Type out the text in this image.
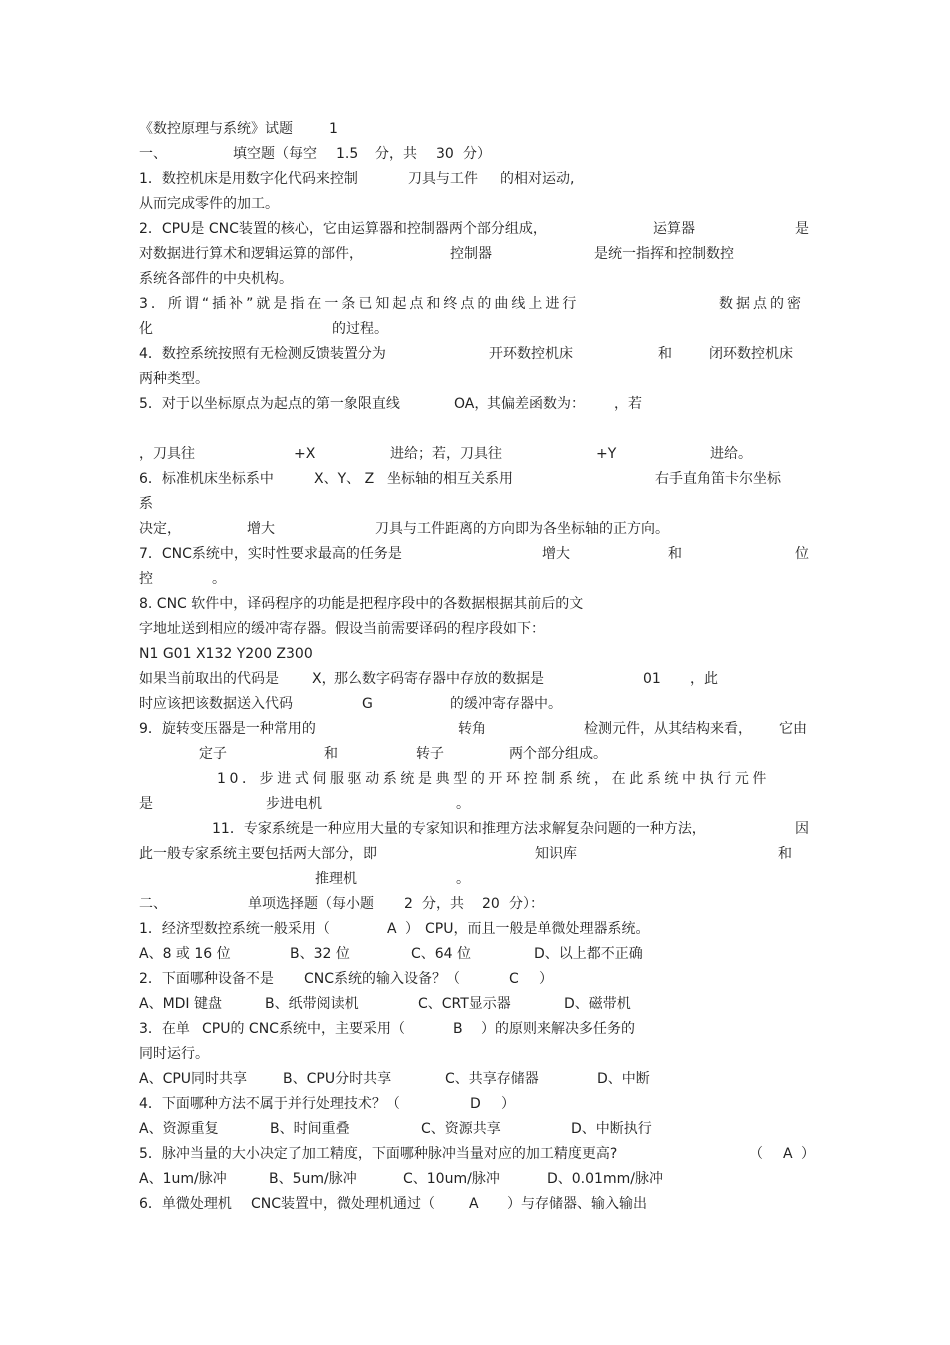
《数控原理与系统》试题	1
一、	填空题（每空 1.5 分，共 30 分）
1．数控机床是用数字化代码来控制	刀具与工件 的相对运动,
从而完成零件的加工。
2．CPU是 CNC装置的核心，它由运算器和控制器两个部分组成，	运算器	是
对数据进行算术和逻辑运算的部件，	控制器	是统一指挥和控制数控
系统各部件的中央机构。
3．所谓“插补”就是指在一条已知起点和终点的曲线上进行	数据点的密
化	的过程。
4．数控系统按照有无检测反馈装置分为	开环数控机床	和	闭环数控机床
两种类型。
5．对于以坐标原点为起点的第一象限直线	OA，
其偏差函数为： ，若
，刀具往	+X	进给；若，刀具往	+Y	进给。
6．标准机床坐标系中	X、Y、 Z 坐标轴的相互关系用	右手直角笛卡尔坐标
系
决定，	增大	刀具与工件距离的方向即为各坐标轴的正方向。
7．CNC系统中，实时性要求最高的任务是	增大	和	位
控	。
8. CNC 软件中，译码程序的功能是把程序段中的各数据根据其前后的文
字地址送到相应的缓冲寄存器。假设当前需要译码的程序段如下：
N1 G01 X132 Y200 Z300
如果当前取出的代码是 X，
那么数字码寄存器中存放的数据是	01 ，此
时应该把该数据送入代码	G	的缓冲寄存器中。
9．旋转变压器是一种常用的	转角	检测元件，从其结构来看， 它由
定子	和	转子	两个部分组成。
10．步进式伺服驱动系统是典型的开环控制系统，在此系统中执行元件
是	步进电机	。
11．专家系统是一种应用大量的专家知识和推理方法求解复杂问题的一种方法，	因
此一般专家系统主要包括两大部分，即	知识库	和
推理机	。
二、	单项选择题（每小题 2 分，共 20 分）：
1．经济型数控系统一般采用（	A ） CPU，而且一般是单微处理器系统。
A、8 或 16 位	B、32 位	C、64 位	D、以上都不正确
2．下面哪种设备不是 CNC系统的输入设备？（	C ）
A、MDI 键盘	B、纸带阅读机	C、CRT显示器	D、磁带机
3．在单 CPU的 CNC系统中，主要采用（	B ）的原则来解决多任务的
同时运行。
A、CPU同时共享	B、CPU分时共享	C、共享存储器	D、中断
4．下面哪种方法不属于并行处理技术？（	D ）
A、资源重复	B、时间重叠	C、资源共享	D、中断执行
5．脉冲当量的大小决定了加工精度，下面哪种脉冲当量对应的加工精度更高?	（ A ）
A、1um/脉冲	B、5um/脉冲	C、10um/脉冲	D、0.01mm/脉冲
6．单微处理机 CNC装置中，微处理机通过（ A ）与存储器、输入输出
